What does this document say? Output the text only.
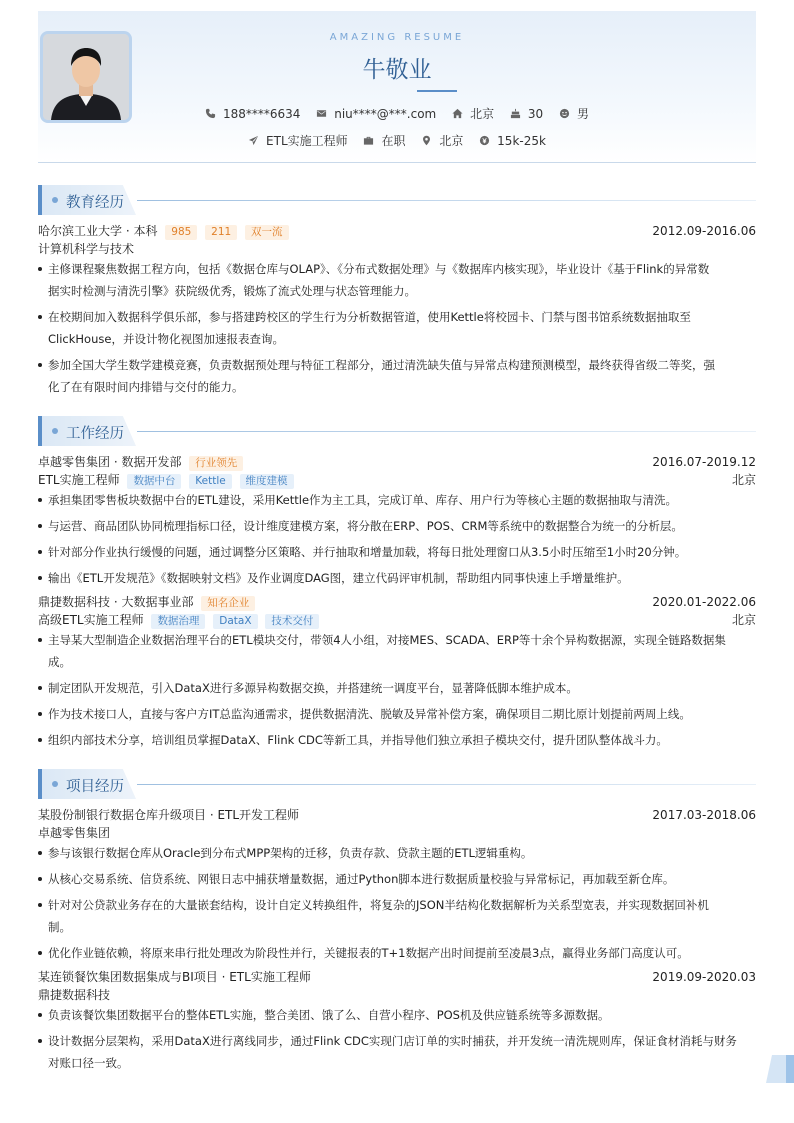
AMAZING RESUME
牛敬业
188****6634
	niu****@***.com
	北京
	30
	男
ETL实施工程师
	在职
	北京
	15k-25k
教育经历
哈尔滨工业大学 · 本科 985 211 双一流	2012.09-2016.06
计算机科学与技术
主修课程聚焦数据工程方向，包括《数据仓库与OLAP》、《分布式数据处理》与《数据库内核实现》，毕业设计《基于Flink的异常数
据实时检测与清洗引擎》获院级优秀，锻炼了流式处理与状态管理能力。
在校期间加入数据科学俱乐部，参与搭建跨校区的学生行为分析数据管道，使用Kettle将校园卡、门禁与图书馆系统数据抽取至
ClickHouse，并设计物化视图加速报表查询。
参加全国大学生数学建模竞赛，负责数据预处理与特征工程部分，通过清洗缺失值与异常点构建预测模型，最终获得省级二等奖，强
化了在有限时间内排错与交付的能力。
工作经历
卓越零售集团 · 数据开发部 行业领先	2016.07-2019.12
ETL实施工程师 数据中台 Kettle 维度建模	北京
承担集团零售板块数据中台的ETL建设，采用Kettle作为主工具，完成订单、库存、用户行为等核心主题的数据抽取与清洗。
与运营、商品团队协同梳理指标口径，设计维度建模方案，将分散在ERP、POS、CRM等系统中的数据整合为统一的分析层。
针对部分作业执行缓慢的问题，通过调整分区策略、并行抽取和增量加载，将每日批处理窗口从3.5小时压缩至1小时20分钟。
输出《ETL开发规范》《数据映射文档》及作业调度DAG图，建立代码评审机制，帮助组内同事快速上手增量维护。
鼎捷数据科技 · 大数据事业部 知名企业	2020.01-2022.06
高级ETL实施工程师 数据治理 DataX 技术交付	北京
主导某大型制造企业数据治理平台的ETL模块交付，带领4人小组，对接MES、SCADA、ERP等十余个异构数据源，实现全链路数据集
成。
制定团队开发规范，引入DataX进行多源异构数据交换，并搭建统一调度平台，显著降低脚本维护成本。
作为技术接口人，直接与客户方IT总监沟通需求，提供数据清洗、脱敏及异常补偿方案，确保项目二期比原计划提前两周上线。
组织内部技术分享，培训组员掌握DataX、Flink CDC等新工具，并指导他们独立承担子模块交付，提升团队整体战斗力。
项目经历
某股份制银行数据仓库升级项目 · ETL开发工程师	2017.03-2018.06
卓越零售集团
参与该银行数据仓库从Oracle到分布式MPP架构的迁移，负责存款、贷款主题的ETL逻辑重构。
从核心交易系统、信贷系统、网银日志中捕获增量数据，通过Python脚本进行数据质量校验与异常标记，再加载至新仓库。
针对对公贷款业务存在的大量嵌套结构，设计自定义转换组件，将复杂的JSON半结构化数据解析为关系型宽表，并实现数据回补机
制。
优化作业链依赖，将原来串行批处理改为阶段性并行，关键报表的T+1数据产出时间提前至凌晨3点，赢得业务部门高度认可。
某连锁餐饮集团数据集成与BI项目 · ETL实施工程师	2019.09-2020.03
鼎捷数据科技
负责该餐饮集团数据平台的整体ETL实施，整合美团、饿了么、自营小程序、POS机及供应链系统等多源数据。
设计数据分层架构，采用DataX进行离线同步，通过Flink CDC实现门店订单的实时捕获，并开发统一清洗规则库，保证食材消耗与财务
对账口径一致。
